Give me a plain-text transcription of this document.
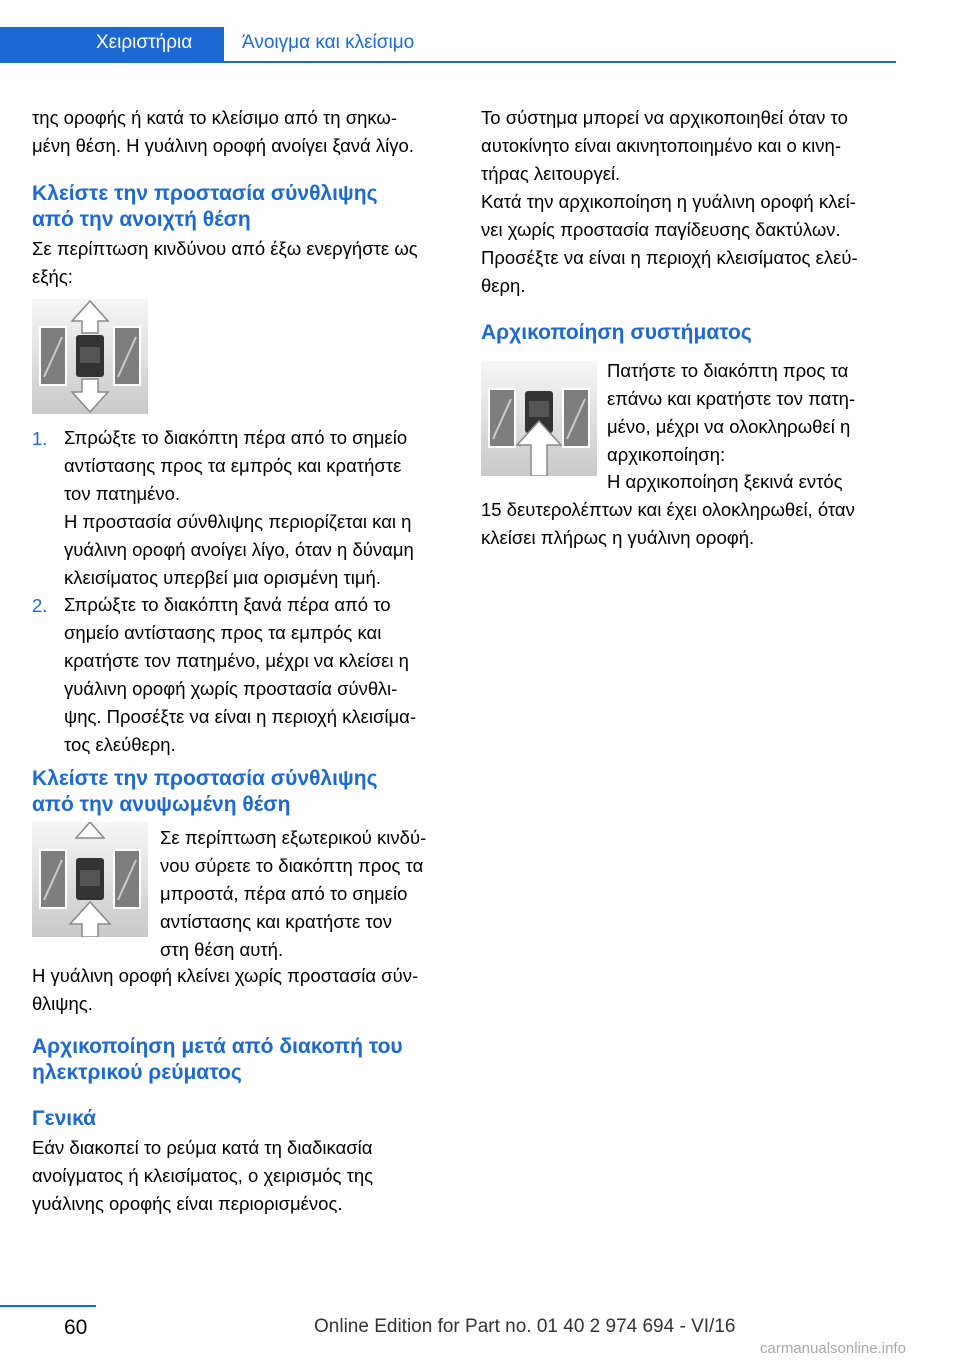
Χειριστήρια	Άνοιγμα και κλείσιμο

της οροφής ή κατά το κλείσιμο από τη σηκω‐
μένη θέση. Η γυάλινη οροφή ανοίγει ξανά λίγο.

Κλείστε την προστασία σύνθλιψης
από την ανοιχτή θέση

Σε περίπτωση κινδύνου από έξω ενεργήστε ως
εξής:

1. Σπρώξτε το διακόπτη πέρα από το σημείο
αντίστασης προς τα εμπρός και κρατήστε
τον πατημένο.

Η προστασία σύνθλιψης περιορίζεται και η
γυάλινη οροφή ανοίγει λίγο, όταν η δύναμη
κλεισίματος υπερβεί μια ορισμένη τιμή.

2. Σπρώξτε το διακόπτη ξανά πέρα από το
σημείο αντίστασης προς τα εμπρός και
κρατήστε τον πατημένο, μέχρι να κλείσει η
γυάλινη οροφή χωρίς προστασία σύνθλι‐
ψης. Προσέξτε να είναι η περιοχή κλεισίμα‐
τος ελεύθερη.

Κλείστε την προστασία σύνθλιψης
από την ανυψωμένη θέση

Σε περίπτωση εξωτερικού κινδύ‐
νου σύρετε το διακόπτη προς τα
μπροστά, πέρα από το σημείο
αντίστασης και κρατήστε τον
στη θέση αυτή.

Η γυάλινη οροφή κλείνει χωρίς προστασία σύν‐
θλιψης.

Αρχικοποίηση μετά από διακοπή του
ηλεκτρικού ρεύματος
Γενικά

Εάν διακοπεί το ρεύμα κατά τη διαδικασία
ανοίγματος ή κλεισίματος, ο χειρισμός της
γυάλινης οροφής είναι περιορισμένος.

Το σύστημα μπορεί να αρχικοποιηθεί όταν το
αυτοκίνητο είναι ακινητοποιημένο και ο κινη‐
τήρας λειτουργεί.

Κατά την αρχικοποίηση η γυάλινη οροφή κλεί‐
νει χωρίς προστασία παγίδευσης δακτύλων.

Προσέξτε να είναι η περιοχή κλεισίματος ελεύ‐
θερη.

Αρχικοποίηση συστήματος

Πατήστε το διακόπτη προς τα
επάνω και κρατήστε τον πατη‐
μένο, μέχρι να ολοκληρωθεί η
αρχικοποίηση:

Η αρχικοποίηση ξεκινά εντός

15 δευτερολέπτων και έχει ολοκληρωθεί, όταν
κλείσει πλήρως η γυάλινη οροφή.

60	Online Edition for Part no. 01 40 2 974 694 - VI/16
carmanualsonline.info
